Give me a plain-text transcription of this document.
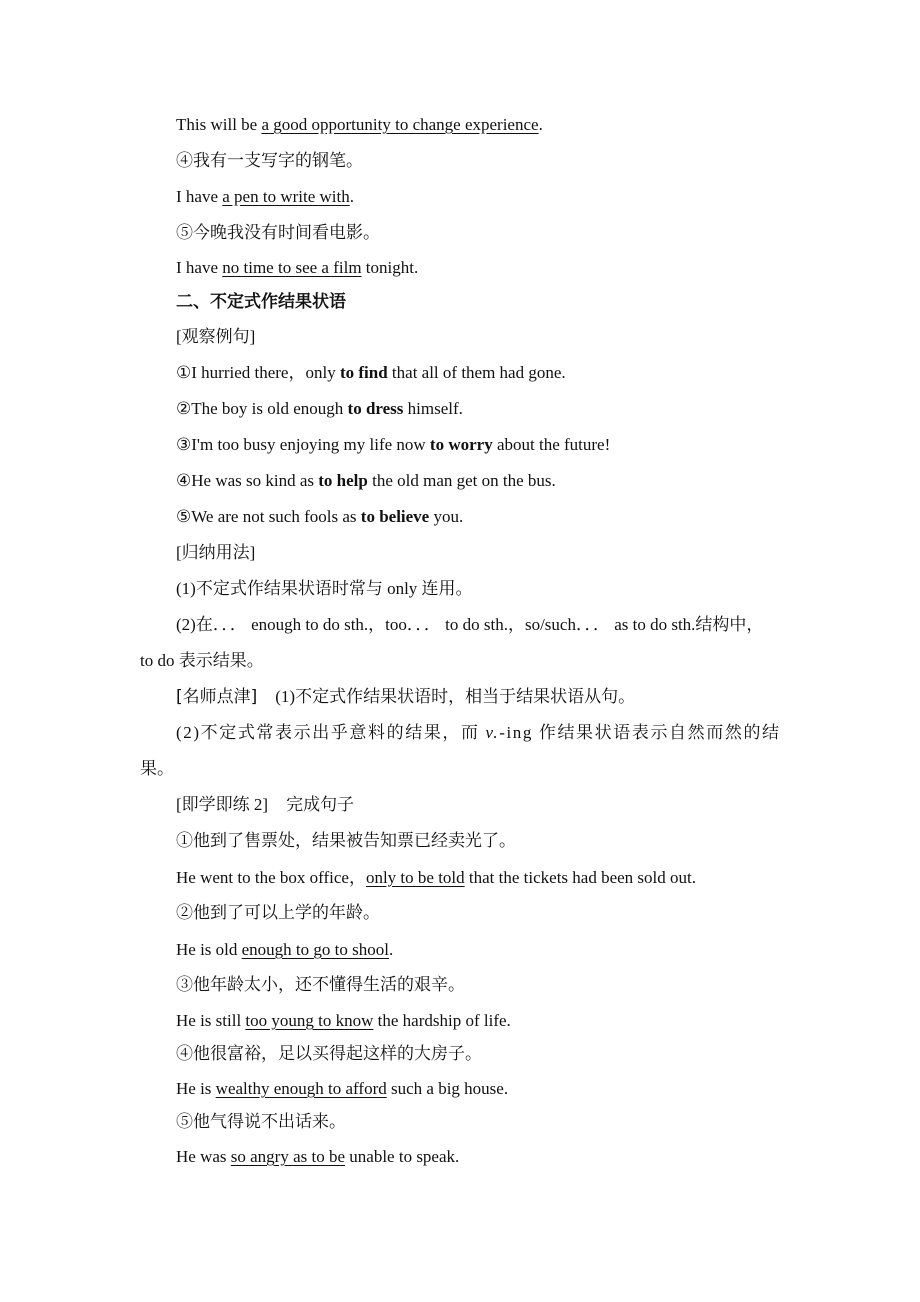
This will be a good opportunity to change experience.
④我有一支写字的钢笔。
I have a pen to write with.
⑤今晚我没有时间看电影。
I have no time to see a film tonight.
二、不定式作结果状语
[观察例句]
①I hurried there，only to find that all of them had gone.
②The boy is old enough to dress himself.
③I'm too busy enjoying my life now to worry about the future!
④He was so kind as to help the old man get on the bus.
⑤We are not such fools as to believe you.
[归纳用法]
(1)不定式作结果状语时常与 only 连用。
(2)在．．． enough to do sth.，too．．． to do sth.，so/such．．． as to do sth.结构中，
to do 表示结果。
[名师点津] (1)不定式作结果状语时，相当于结果状语从句。
(2)不定式常表示出乎意料的结果，而 v.-ing 作结果状语表示自然而然的结
果。
[即学即练 2] 完成句子
①他到了售票处，结果被告知票已经卖光了。
He went to the box office，only to be told that the tickets had been sold out.
②他到了可以上学的年龄。
He is old enough to go to shool.
③他年龄太小，还不懂得生活的艰辛。
He is still too young to know the hardship of life.
④他很富裕，足以买得起这样的大房子。
He is wealthy enough to afford such a big house.
⑤他气得说不出话来。
He was so angry as to be unable to speak.
